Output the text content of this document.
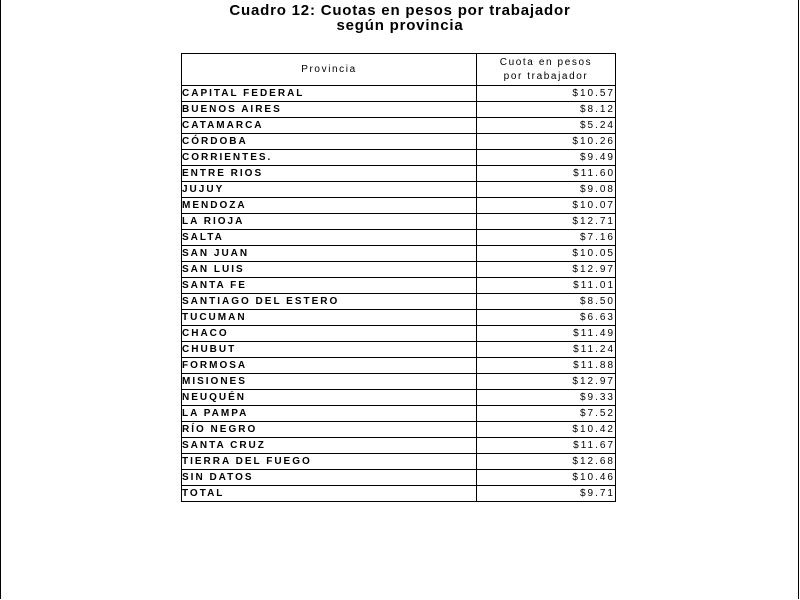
Cuadro 12: Cuotas en pesos por trabajador
según provincia
Provincia	Cuota en pesos
por trabajador

CAPITAL FEDERAL	$10.57
BUENOS AIRES	$8.12
CATAMARCA	$5.24
CÓRDOBA	$10.26
CORRIENTES.	$9.49
ENTRE RIOS	$11.60
JUJUY	$9.08
MENDOZA	$10.07
LA RIOJA	$12.71
SALTA	$7.16
SAN JUAN	$10.05
SAN LUIS	$12.97
SANTA FE	$11.01
SANTIAGO DEL ESTERO	$8.50
TUCUMAN	$6.63
CHACO	$11.49
CHUBUT	$11.24
FORMOSA	$11.88
MISIONES	$12.97
NEUQUÉN	$9.33
LA PAMPA	$7.52
RÍO NEGRO	$10.42
SANTA CRUZ	$11.67
TIERRA DEL FUEGO	$12.68
SIN DATOS	$10.46
TOTAL	$9.71
